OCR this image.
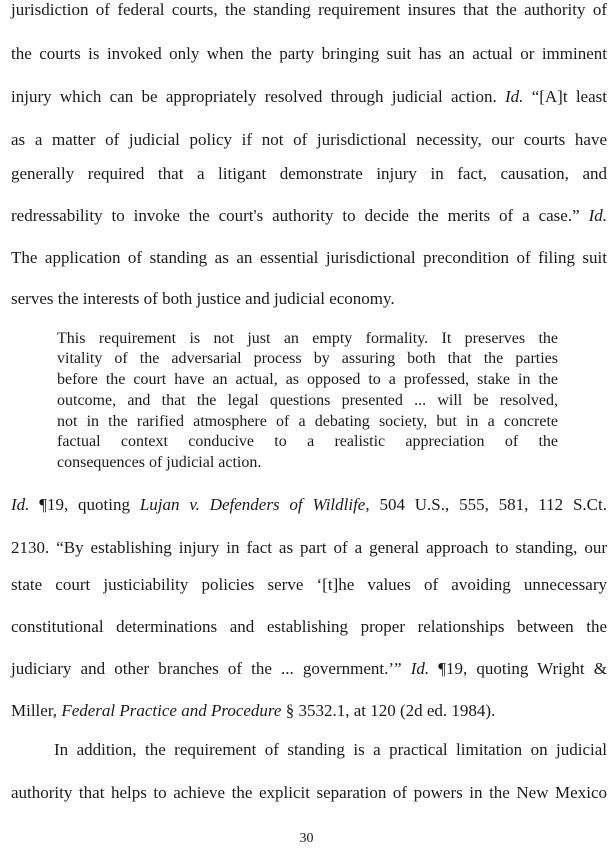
jurisdiction of federal courts, the standing requirement insures that the authority of
the courts is invoked only when the party bringing suit has an actual or imminent
injury which can be appropriately resolved through judicial action. Id. “[A]t least
as a matter of judicial policy if not of jurisdictional necessity, our courts have
generally required that a litigant demonstrate injury in fact, causation, and
redressability to invoke the court's authority to decide the merits of a case.” Id.
The application of standing as an essential jurisdictional precondition of filing suit
serves the interests of both justice and judicial economy.
This requirement is not just an empty formality. It preserves the
vitality of the adversarial process by assuring both that the parties
before the court have an actual, as opposed to a professed, stake in the
outcome, and that the legal questions presented ... will be resolved,
not in the rarified atmosphere of a debating society, but in a concrete
factual context conducive to a realistic appreciation of the
consequences of judicial action.
Id. ¶19, quoting Lujan v. Defenders of Wildlife, 504 U.S., 555, 581, 112 S.Ct.
2130. “By establishing injury in fact as part of a general approach to standing, our
state court justiciability policies serve ‘[t]he values of avoiding unnecessary
constitutional determinations and establishing proper relationships between the
judiciary and other branches of the ... government.’” Id. ¶19, quoting Wright &
Miller, Federal Practice and Procedure § 3532.1, at 120 (2d ed. 1984).
In addition, the requirement of standing is a practical limitation on judicial
authority that helps to achieve the explicit separation of powers in the New Mexico
30
